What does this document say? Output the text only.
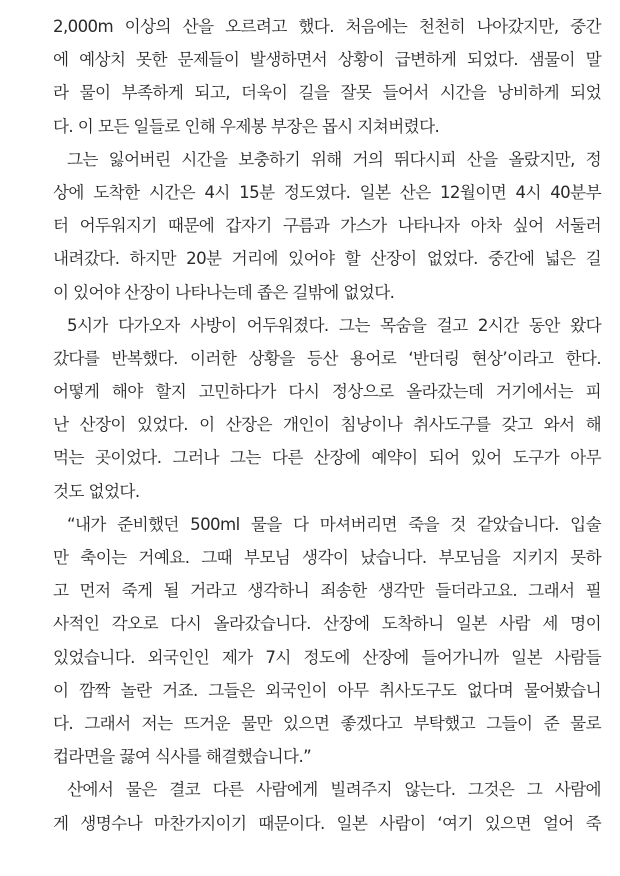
2,000m 이상의 산을 오르려고 했다. 처음에는 천천히 나아갔지만, 중간
에 예상치 못한 문제들이 발생하면서 상황이 급변하게 되었다. 샘물이 말
라 물이 부족하게 되고, 더욱이 길을 잘못 들어서 시간을 낭비하게 되었
다. 이 모든 일들로 인해 우제봉 부장은 몹시 지쳐버렸다.
그는 잃어버린 시간을 보충하기 위해 거의 뛰다시피 산을 올랐지만, 정
상에 도착한 시간은 4시 15분 정도였다. 일본 산은 12월이면 4시 40분부
터 어두워지기 때문에 갑자기 구름과 가스가 나타나자 아차 싶어 서둘러
내려갔다. 하지만 20분 거리에 있어야 할 산장이 없었다. 중간에 넓은 길
이 있어야 산장이 나타나는데 좁은 길밖에 없었다.
5시가 다가오자 사방이 어두워졌다. 그는 목숨을 걸고 2시간 동안 왔다
갔다를 반복했다. 이러한 상황을 등산 용어로 ‘반더링 현상’이라고 한다.
어떻게 해야 할지 고민하다가 다시 정상으로 올라갔는데 거기에서는 피
난 산장이 있었다. 이 산장은 개인이 침낭이나 취사도구를 갖고 와서 해
먹는 곳이었다. 그러나 그는 다른 산장에 예약이 되어 있어 도구가 아무
것도 없었다.
“내가 준비했던 500ml 물을 다 마셔버리면 죽을 것 같았습니다. 입술
만 축이는 거예요. 그때 부모님 생각이 났습니다. 부모님을 지키지 못하
고 먼저 죽게 될 거라고 생각하니 죄송한 생각만 들더라고요. 그래서 필
사적인 각오로 다시 올라갔습니다. 산장에 도착하니 일본 사람 세 명이
있었습니다. 외국인인 제가 7시 정도에 산장에 들어가니까 일본 사람들
이 깜짝 놀란 거죠. 그들은 외국인이 아무 취사도구도 없다며 물어봤습니
다. 그래서 저는 뜨거운 물만 있으면 좋겠다고 부탁했고 그들이 준 물로
컵라면을 끓여 식사를 해결했습니다.”
산에서 물은 결코 다른 사람에게 빌려주지 않는다. 그것은 그 사람에
게 생명수나 마찬가지이기 때문이다. 일본 사람이 ‘여기 있으면 얼어 죽
